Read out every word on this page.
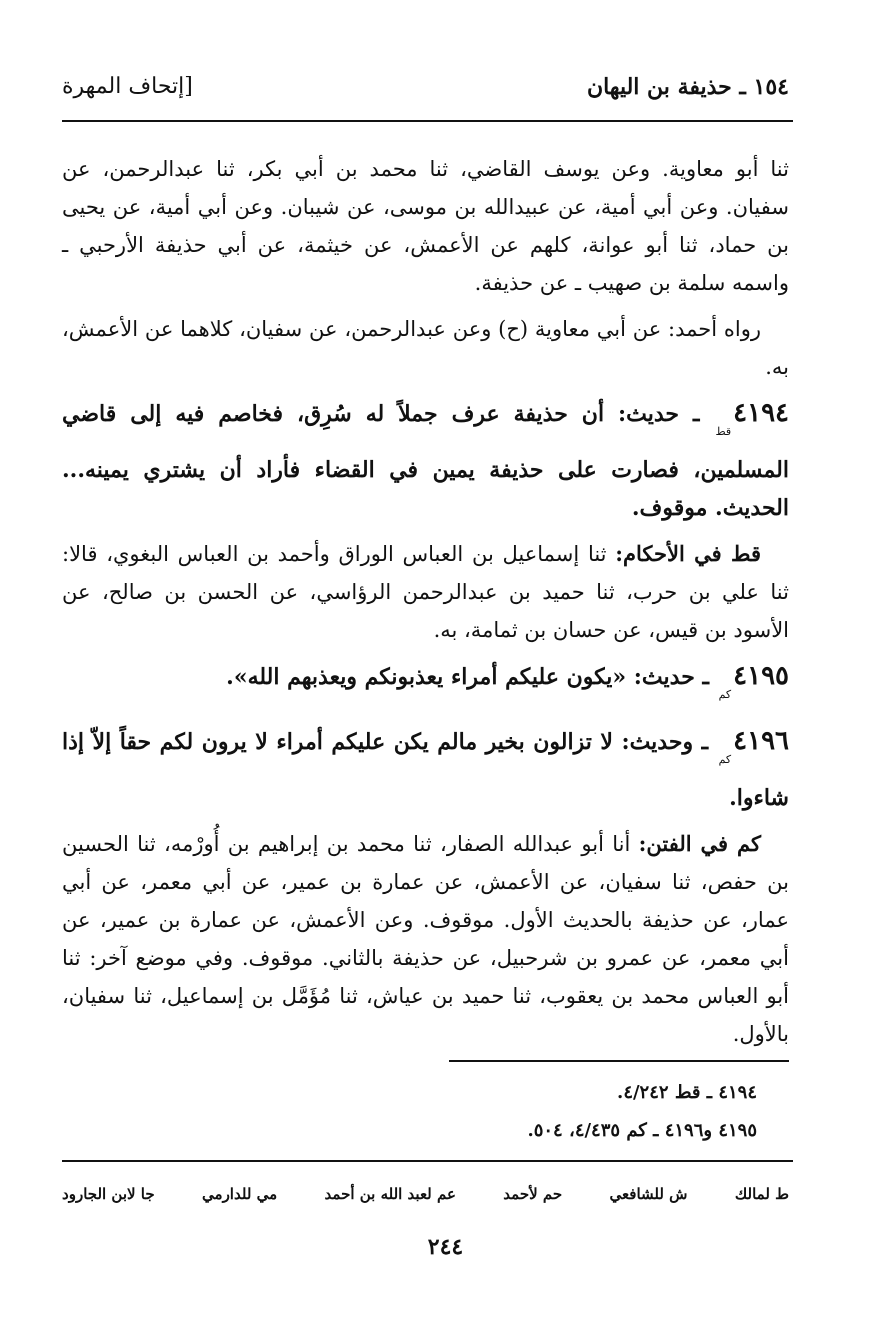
١٥٤ ـ حذيفة بن اليهان
[إتحاف المهرة

ثنا أبو معاوية. وعن يوسف القاضي، ثنا محمد بن أبي بكر، ثنا عبدالرحمن، عن سفيان. وعن أبي أمية، عن عبيدالله بن موسى، عن شيبان. وعن أبي أمية، عن يحيى بن حماد، ثنا أبو عوانة، كلهم عن الأعمش، عن خيثمة، عن أبي حذيفة الأرحبي ـ واسمه سلمة بن صهيب ـ عن حذيفة.

رواه أحمد: عن أبي معاوية (ح) وعن عبدالرحمن، عن سفيان، كلاهما عن الأعمش، به.

٤١٩٤قط ـ حديث: أن حذيفة عرف جملاً له سُرِق، فخاصم فيه إلى قاضي المسلمين، فصارت على حذيفة يمين في القضاء فأراد أن يشتري يمينه... الحديث. موقوف.

قط في الأحكام: ثنا إسماعيل بن العباس الوراق وأحمد بن العباس البغوي، قالا: ثنا علي بن حرب، ثنا حميد بن عبدالرحمن الرؤاسي، عن الحسن بن صالح، عن الأسود بن قيس، عن حسان بن ثمامة، به.

٤١٩٥كم ـ حديث: «يكون عليكم أمراء يعذبونكم ويعذبهم الله».

٤١٩٦كم ـ وحديث: لا تزالون بخير مالم يكن عليكم أمراء لا يرون لكم حقاً إلاّ إذا شاءوا.

كم في الفتن: أنا أبو عبدالله الصفار، ثنا محمد بن إبراهيم بن أُورْمه، ثنا الحسين بن حفص، ثنا سفيان، عن الأعمش، عن عمارة بن عمير، عن أبي معمر، عن أبي عمار، عن حذيفة بالحديث الأول. موقوف. وعن الأعمش، عن عمارة بن عمير، عن أبي معمر، عن عمرو بن شرحبيل، عن حذيفة بالثاني. موقوف. وفي موضع آخر: ثنا أبو العباس محمد بن يعقوب، ثنا حميد بن عياش، ثنا مُؤَمَّل بن إسماعيل، ثنا سفيان، بالأول.

٤١٩٤ ـ قط ٤/٢٤٢.
٤١٩٥ و٤١٩٦ ـ كم ٤/٤٣٥، ٥٠٤.
ط لمالك
ش للشافعي
حم لأحمد
عم لعبد الله بن أحمد
مي للدارمي
جا لابن الجارود
٢٤٤
